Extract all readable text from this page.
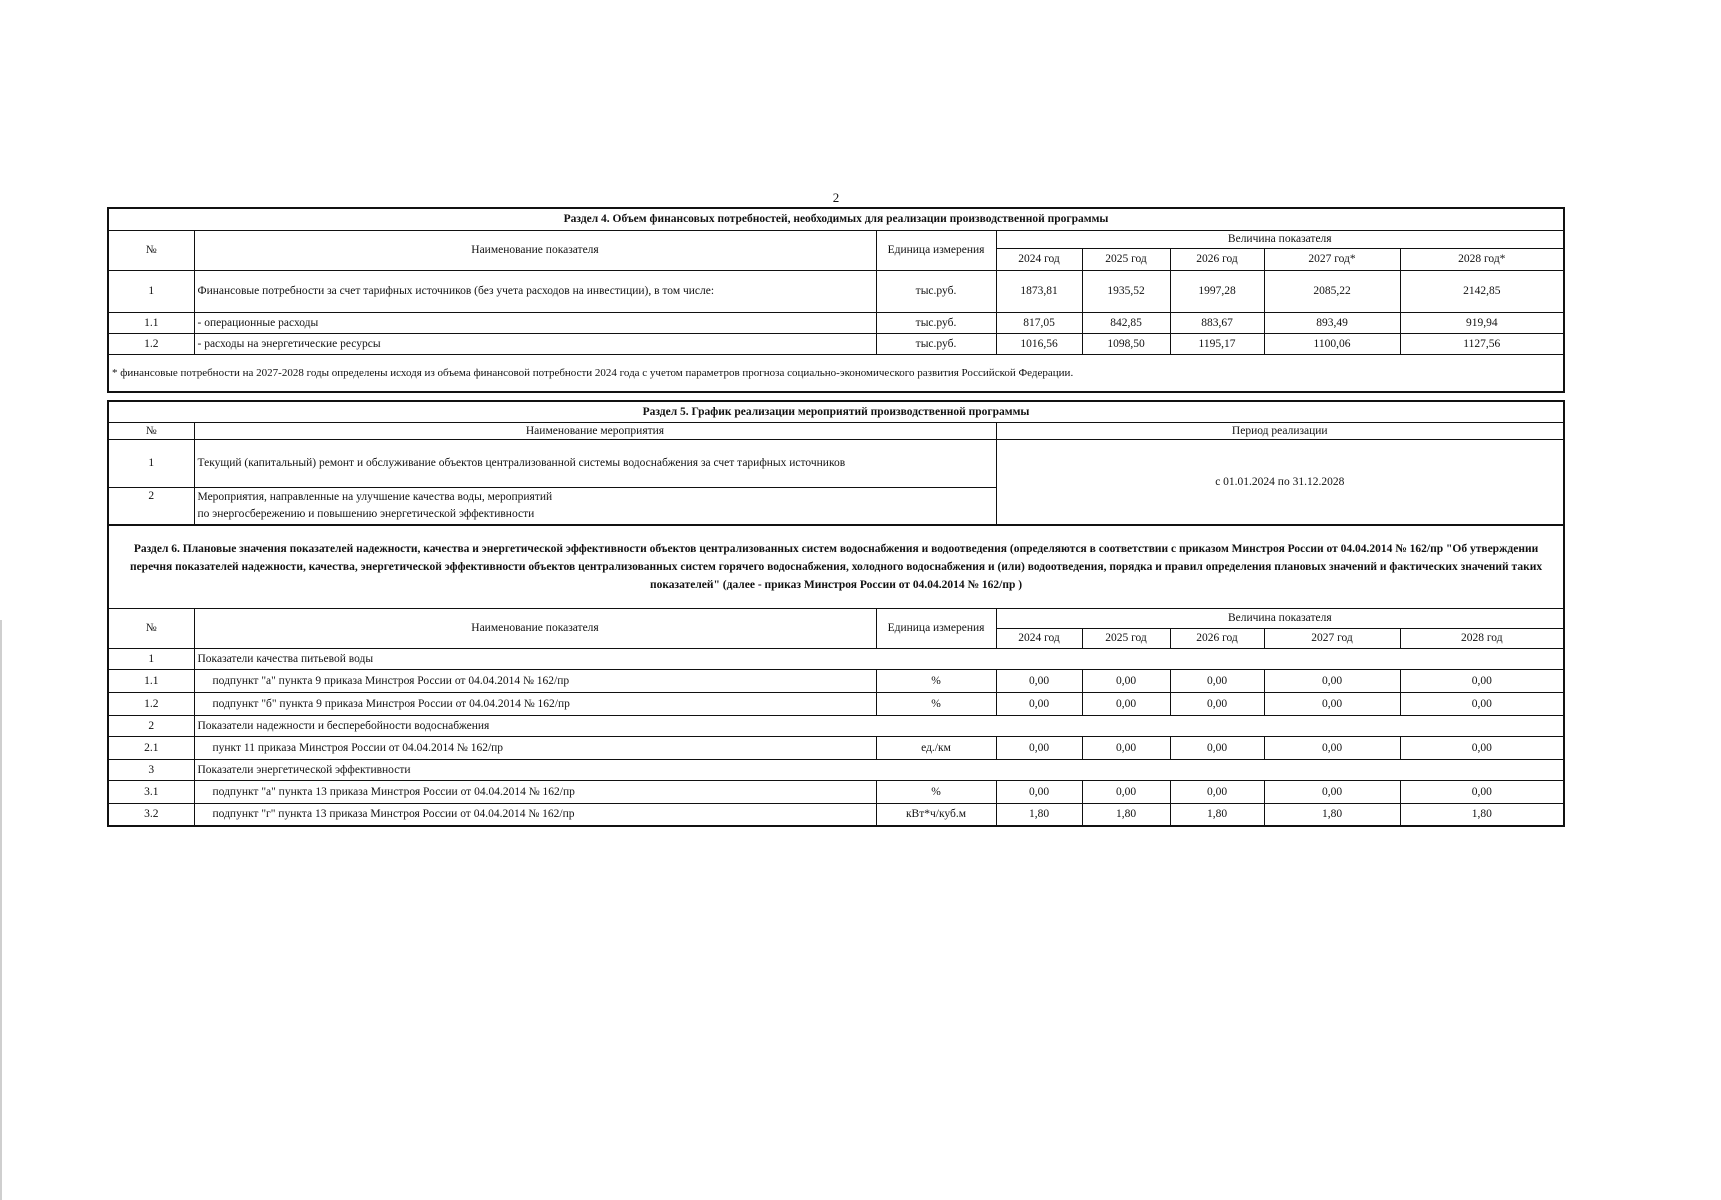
2
Раздел 4. Объем финансовых потребностей, необходимых для реализации производственной программы							
№	Наименование показателя	Единица измерения	Величина показателя				
			2024 год	2025 год	2026 год	2027 год*	2028 год*
1	Финансовые потребности за счет тарифных источников (без учета расходов на инвестиции), в том числе:	тыс.руб.	1873,81	1935,52	1997,28	2085,22	2142,85
1.1	- операционные расходы	тыс.руб.	817,05	842,85	883,67	893,49	919,94
1.2	- расходы на энергетические ресурсы	тыс.руб.	1016,56	1098,50	1195,17	1100,06	1127,56
* финансовые потребности на 2027-2028 годы определены исходя из объема финансовой потребности 2024 года с учетом параметров прогноза социально-экономического развития Российской Федерации.							
Раздел 5. График реализации мероприятий производственной программы		
№	Наименование мероприятия	Период реализации
1	Текущий (капитальный) ремонт и обслуживание объектов централизованной системы водоснабжения за счет тарифных источников	с 01.01.2024 по 31.12.2028
2	Мероприятия, направленные на улучшение качества воды, мероприятий
по энергосбережению и повышению энергетической эффективности	
Раздел 6. Плановые значения показателей надежности, качества и энергетической эффективности объектов централизованных систем водоснабжения и водоотведения (определяются в соответствии с приказом Минстроя России от 04.04.2014 № 162/пр "Об утверждении перечня показателей надежности, качества, энергетической эффективности объектов централизованных систем горячего водоснабжения, холодного водоснабжения и (или) водоотведения, порядка и правил определения плановых значений и фактических значений таких показателей" (далее - приказ Минстроя России от 04.04.2014 № 162/пр )							
№	Наименование показателя	Единица измерения	Величина показателя				
			2024 год	2025 год	2026 год	2027 год	2028 год
1	Показатели качества питьевой воды						
1.1	подпункт "а" пункта 9 приказа Минстроя России от 04.04.2014 № 162/пр	%	0,00	0,00	0,00	0,00	0,00
1.2	подпункт "б" пункта 9 приказа Минстроя России от 04.04.2014 № 162/пр	%	0,00	0,00	0,00	0,00	0,00
2	Показатели надежности и бесперебойности водоснабжения						
2.1	пункт 11 приказа Минстроя России от 04.04.2014 № 162/пр	ед./км	0,00	0,00	0,00	0,00	0,00
3	Показатели энергетической эффективности						
3.1	подпункт "а" пункта 13 приказа Минстроя России от 04.04.2014 № 162/пр	%	0,00	0,00	0,00	0,00	0,00
3.2	подпункт "г" пункта 13 приказа Минстроя России от 04.04.2014 № 162/пр	кВт*ч/куб.м	1,80	1,80	1,80	1,80	1,80
